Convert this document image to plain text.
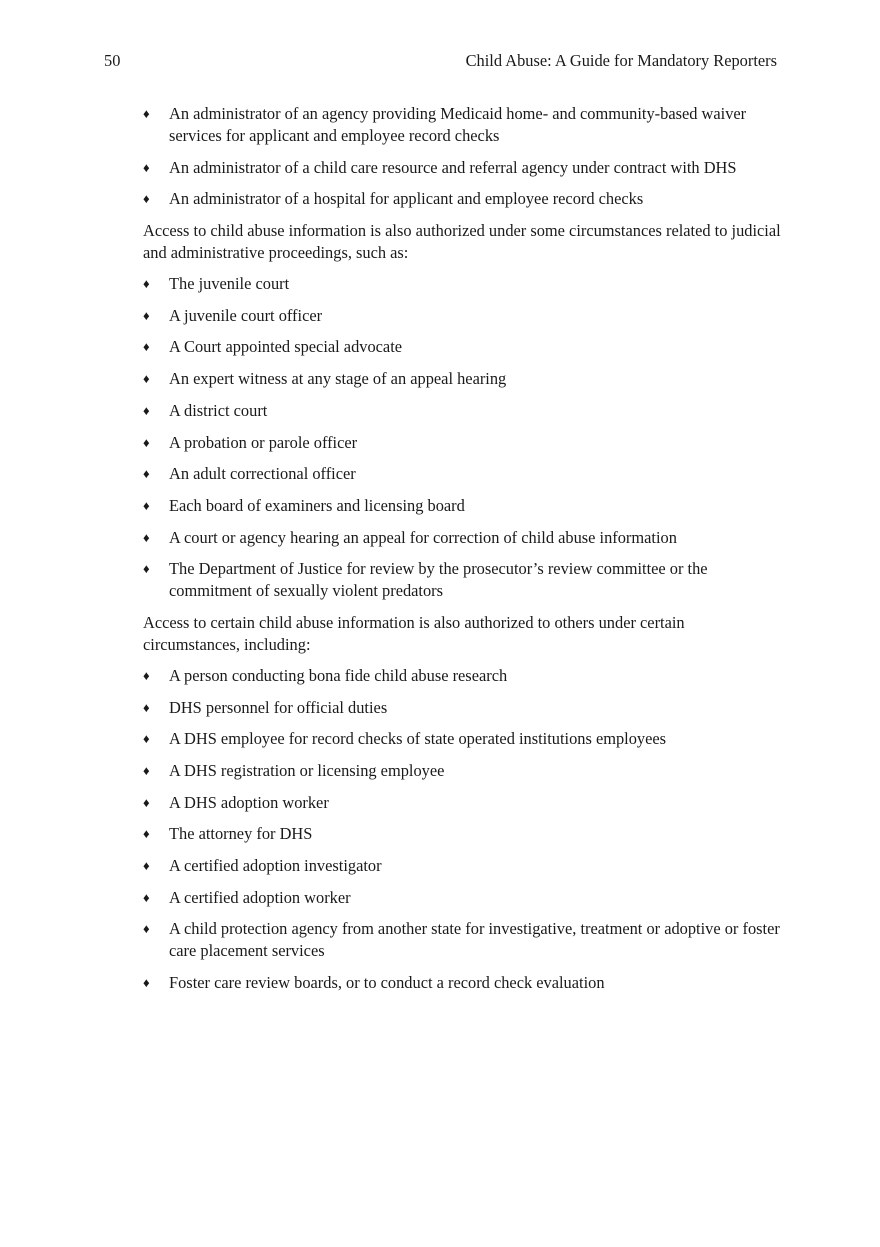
50	Child Abuse: A Guide for Mandatory Reporters
♦ An administrator of an agency providing Medicaid home- and community-based waiver services for applicant and employee record checks
♦ An administrator of a child care resource and referral agency under contract with DHS
♦ An administrator of a hospital for applicant and employee record checks

Access to child abuse information is also authorized under some circumstances related to judicial and administrative proceedings, such as:

♦ The juvenile court
♦ A juvenile court officer
♦ A Court appointed special advocate
♦ An expert witness at any stage of an appeal hearing
♦ A district court
♦ A probation or parole officer
♦ An adult correctional officer
♦ Each board of examiners and licensing board
♦ A court or agency hearing an appeal for correction of child abuse information
♦ The Department of Justice for review by the prosecutor’s review committee or the commitment of sexually violent predators

Access to certain child abuse information is also authorized to others under certain circumstances, including:

♦ A person conducting bona fide child abuse research
♦ DHS personnel for official duties
♦ A DHS employee for record checks of state operated institutions employees
♦ A DHS registration or licensing employee
♦ A DHS adoption worker
♦ The attorney for DHS
♦ A certified adoption investigator
♦ A certified adoption worker
♦ A child protection agency from another state for investigative, treatment or adoptive or foster care placement services
♦ Foster care review boards, or to conduct a record check evaluation
